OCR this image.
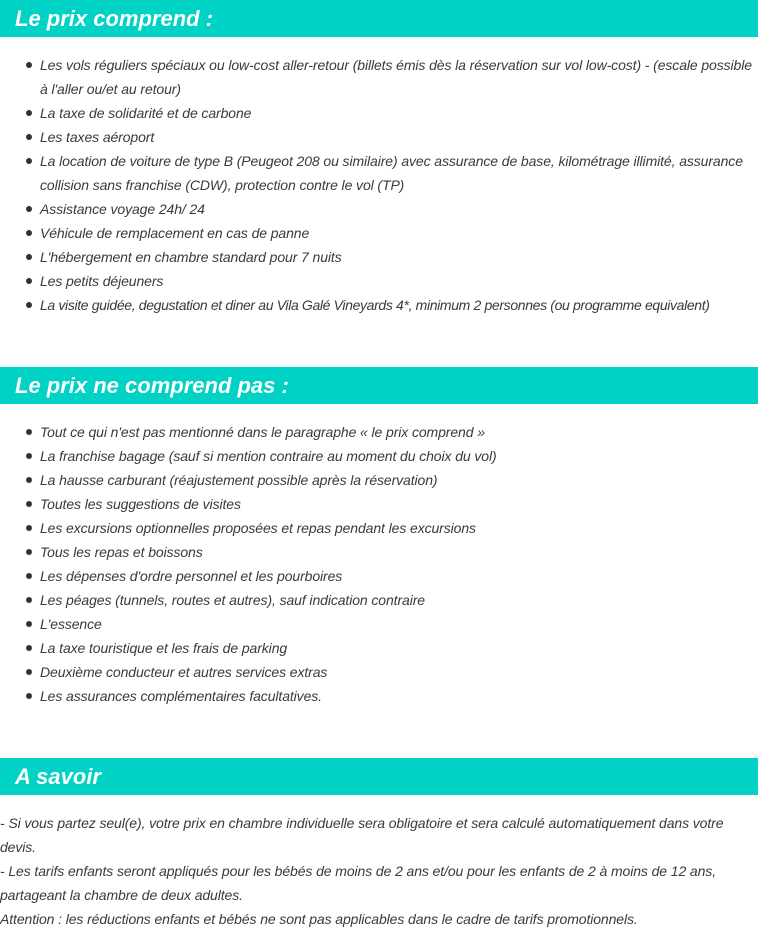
Le prix comprend :
Les vols réguliers spéciaux ou low-cost aller-retour (billets émis dès la réservation sur vol low-cost) - (escale possible à l'aller ou/et au retour)
La taxe de solidarité et de carbone
Les taxes aéroport
La location de voiture de type B (Peugeot 208 ou similaire) avec assurance de base, kilométrage illimité, assurance collision sans franchise (CDW), protection contre le vol (TP)
Assistance voyage 24h/ 24
Véhicule de remplacement en cas de panne
L'hébergement en chambre standard pour 7 nuits
Les petits déjeuners
La visite guidée, degustation et diner au Vila Galé Vineyards 4*, minimum 2 personnes (ou programme equivalent)
Le prix ne comprend pas :
Tout ce qui n'est pas mentionné dans le paragraphe « le prix comprend »
La franchise bagage (sauf si mention contraire au moment du choix du vol)
La hausse carburant (réajustement possible après la réservation)
Toutes les suggestions de visites
Les excursions optionnelles proposées et repas pendant les excursions
Tous les repas et boissons
Les dépenses d'ordre personnel et les pourboires
Les péages (tunnels, routes et autres), sauf indication contraire
L'essence
La taxe touristique et les frais de parking
Deuxième conducteur et autres services extras
Les assurances complémentaires facultatives.
A savoir

- Si vous partez seul(e), votre prix en chambre individuelle sera obligatoire et sera calculé automatiquement dans votre devis.

- Les tarifs enfants seront appliqués pour les bébés de moins de 2 ans et/ou pour les enfants de 2 à moins de 12 ans, partageant la chambre de deux adultes.

Attention : les réductions enfants et bébés ne sont pas applicables dans le cadre de tarifs promotionnels.
